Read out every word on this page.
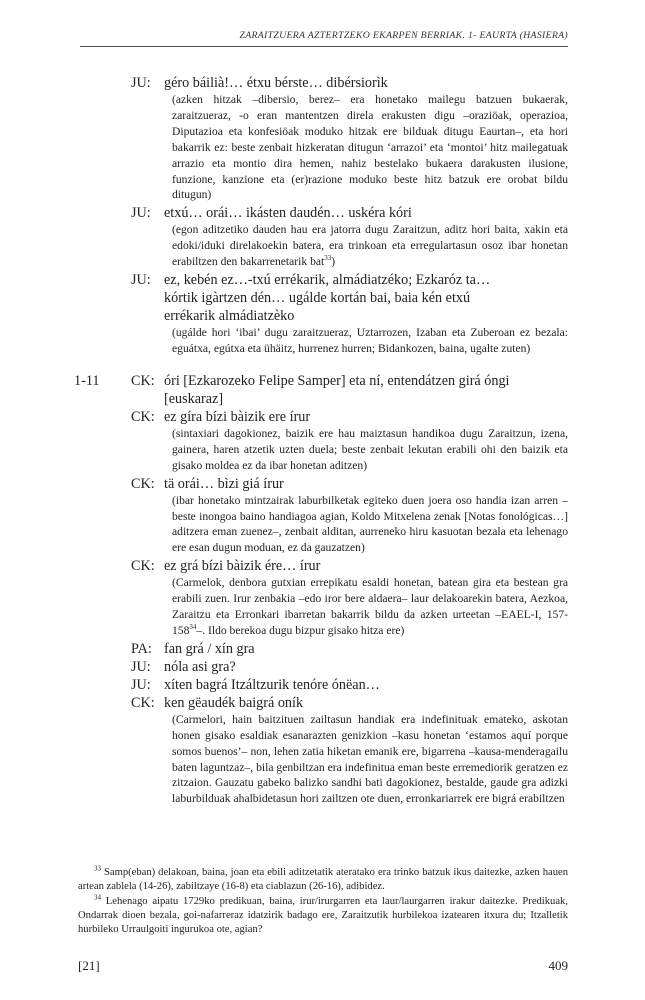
ZARAITZUERA AZTERTZEKO EKARPEN BERRIAK. 1- EAURTA (HASIERA)
JU: géro báilià!… étxu bérste… dibérsiorìk
(azken hitzak –dibersio, berez– era honetako mailegu batzuen bukaerak, zaraitzueraz, -o eran mantentzen direla erakusten digu –oraziöak, operazioa, Diputazioa eta konfesiöak moduko hitzak ere bilduak ditugu Eaurtan–, eta hori bakarrik ez: beste zenbait hizkeratan ditugun ‘arrazoi’ eta ‘montoi’ hitz mailegatuak arrazio eta montio dira hemen, nahiz bestelako bukaera darakusten ilusione, funzione, kanzione eta (er)razione moduko beste hitz batzuk ere orobat bildu ditugun)
JU: etxú… orái… ikásten daudén… uskéra kóri
(egon aditzetiko dauden hau era jatorra dugu Zaraitzun, aditz hori baita, xakin eta edoki/iduki direlakoekin batera, era trinkoan eta erregulartasun osoz ibar honetan erabiltzen den bakarrenetarik bat$^{33}$)
JU: ez, kebén ez…-txú errékarik, almádiatzéko; Ezkaróz ta…
kórtik igàrtzen dén… ugálde kortán bai, baia kén etxú
errékarik almádiatzèko
(ugálde hori ‘ibai’ dugu zaraitzueraz, Uztarrozen, Izaban eta Zuberoan ez bezala: eguátxa, egútxa eta ühäitz, hurrenez hurren; Bidankozen, baina, ugalte zuten)
1-11 CK: óri [Ezkarozeko Felipe Samper] eta ní, entendátzen girá óngi
[euskaraz]
CK: ez gíra bízi bàizik ere írur
(sintaxiari dagokionez, baizik ere hau maiztasun handikoa dugu Zaraitzun, izena, gainera, haren atzetik uzten duela; beste zenbait lekutan erabili ohi den baizik eta gisako moldea ez da ibar honetan aditzen)
CK: tä orái… bìzi giá írur
(ibar honetako mintzairak laburbilketak egiteko duen joera oso handia izan arren –beste inongoa baino handiagoa agian, Koldo Mitxelena zenak [Notas fonológicas…] aditzera eman zuenez–, zenbait alditan, aurreneko hiru kasuotan bezala eta lehenago ere esan dugun moduan, ez da gauzatzen)
CK: ez grá bízi bàizik ére… írur
(Carmelok, denbora gutxian errepikatu esaldi honetan, batean gira eta bestean gra erabili zuen. Irur zenbakia –edo iror bere aldaera– laur delakoarekin batera, Aezkoa, Zaraitzu eta Erronkari ibarretan bakarrik bildu da azken urteetan –EAEL-I, $157-158^{34}-$. Ildo berekoa dugu bizpur gisako hitza ere)
PA: fan grá / xín gra
JU: nóla asi gra?
JU: xíten bagrá Itzáltzurik tenóre ónëan…
CK: ken gëaudék baigrá oník
(Carmelori, hain baitzituen zailtasun handiak era indefinituak emateko, askotan honen gisako esaldiak esanarazten genizkion –kasu honetan ‘estamos aquí porque somos buenos’– non, lehen zatia hiketan emanik ere, bigarrena –kausa-menderagailu baten laguntzaz–, bila genbiltzan era indefinitua eman beste erremediorik geratzen ez zitzaion. Gauzatu gabeko balizko sandhi bati dagokionez, bestalde, gaude gra adizki laburbilduak ahalbidetasun hori zailtzen ote duen, erronkariarrek ere bigrá erabiltzen
$^{33}$ Samp(eban) delakoan, baina, joan eta ebili aditzetatik ateratako era trinko batzuk ikus daitezke, azken hauen artean zablela (14-26), zabiltzaye (16-8) eta ciablazun (26-16), adibidez.
$^{34}$ Lehenago aipatu 1729ko predikuan, baina, irur/irurgarren eta laur/laurgarren irakur daitezke. Predikuak, Ondarrak dioen bezala, goi-nafarreraz idatzirik badago ere, Zaraitzutik hurbilekoa izatearen itxura du; Itzalletik hurbileko Urraulgoiti ingurukoa ote, agian?
[21]	409
